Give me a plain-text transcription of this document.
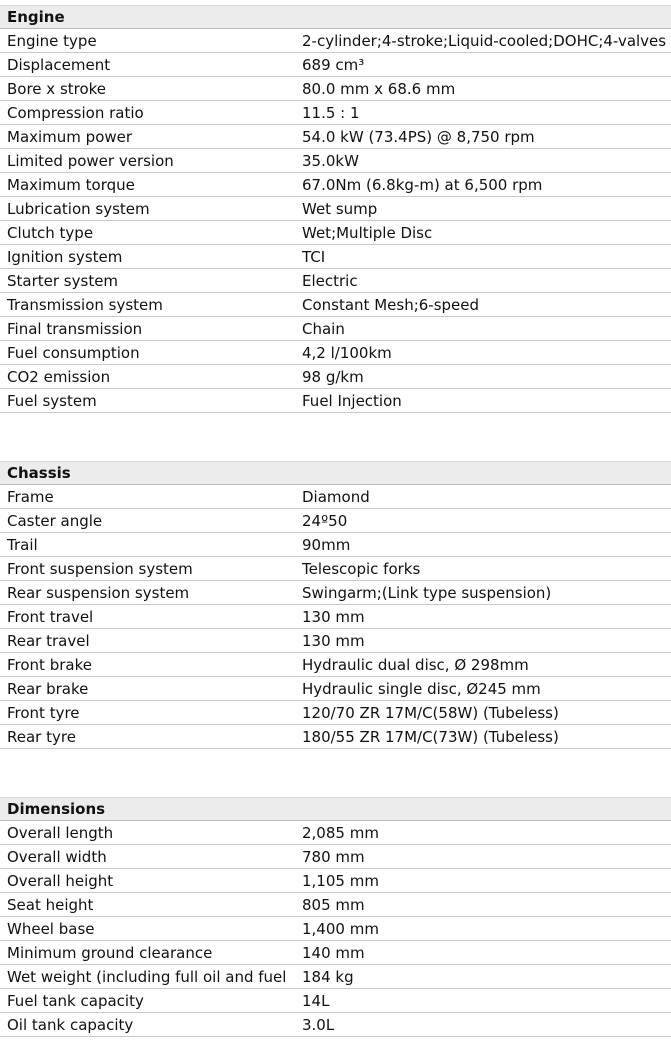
Engine
Engine type	2-cylinder;4-stroke;Liquid-cooled;DOHC;4-valves
Displacement	689 cm³
Bore x stroke	80.0 mm x 68.6 mm
Compression ratio	11.5 : 1
Maximum power	54.0 kW (73.4PS) @ 8,750 rpm
Limited power version	35.0kW
Maximum torque	67.0Nm (6.8kg-m) at 6,500 rpm
Lubrication system	Wet sump
Clutch type	Wet;Multiple Disc
Ignition system	TCI
Starter system	Electric
Transmission system	Constant Mesh;6-speed
Final transmission	Chain
Fuel consumption	4,2 l/100km
CO2 emission	98 g/km
Fuel system	Fuel Injection
Chassis
Frame	Diamond
Caster angle	24º50
Trail	90mm
Front suspension system	Telescopic forks
Rear suspension system	Swingarm;(Link type suspension)
Front travel	130 mm
Rear travel	130 mm
Front brake	Hydraulic dual disc, Ø 298mm
Rear brake	Hydraulic single disc, Ø245 mm
Front tyre	120/70 ZR 17M/C(58W) (Tubeless)
Rear tyre	180/55 ZR 17M/C(73W) (Tubeless)
Dimensions
Overall length	2,085 mm
Overall width	780 mm
Overall height	1,105 mm
Seat height	805 mm
Wheel base	1,400 mm
Minimum ground clearance	140 mm
Wet weight (including full oil and fuel	184 kg
Fuel tank capacity	14L
Oil tank capacity	3.0L
